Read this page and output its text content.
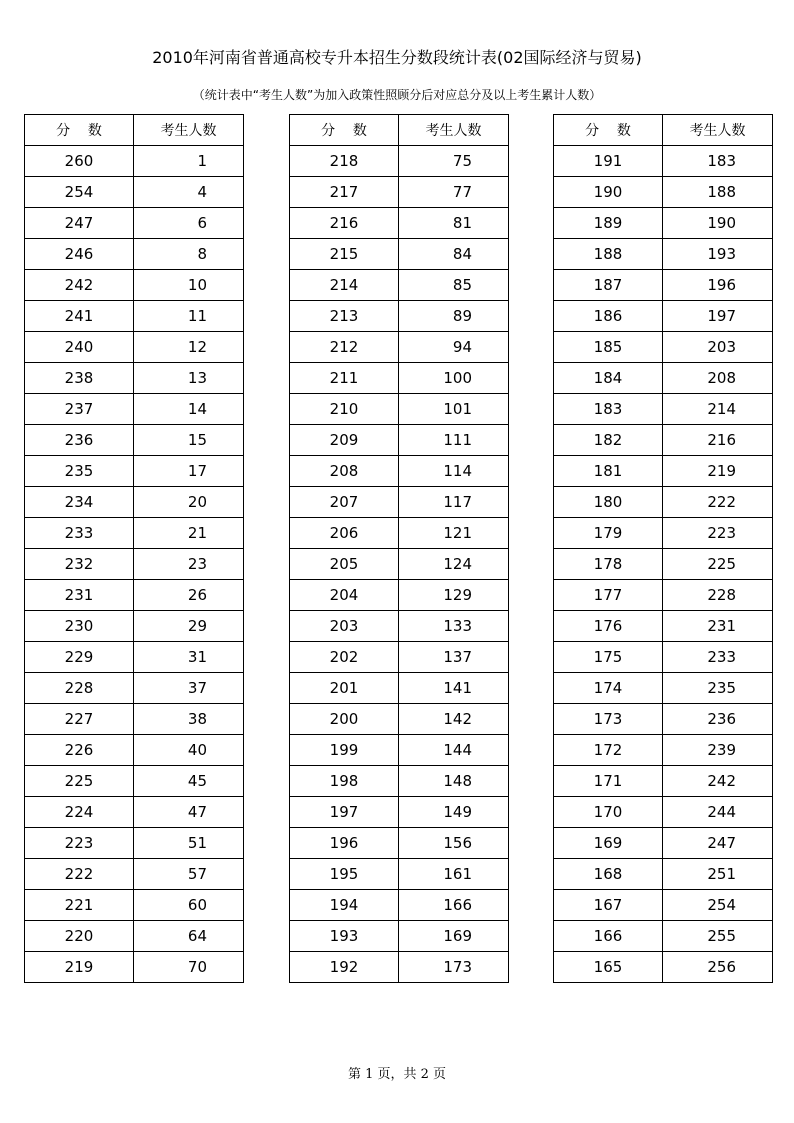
2010年河南省普通高校专升本招生分数段统计表(02国际经济与贸易)
（统计表中“考生人数”为加入政策性照顾分后对应总分及以上考生累计人数）
分    数	考生人数
260	1
254	4
247	6
246	8
242	10
241	11
240	12
238	13
237	14
236	15
235	17
234	20
233	21
232	23
231	26
230	29
229	31
228	37
227	38
226	40
225	45
224	47
223	51
222	57
221	60
220	64
219	70
分    数	考生人数
218	75
217	77
216	81
215	84
214	85
213	89
212	94
211	100
210	101
209	111
208	114
207	117
206	121
205	124
204	129
203	133
202	137
201	141
200	142
199	144
198	148
197	149
196	156
195	161
194	166
193	169
192	173
分    数	考生人数
191	183
190	188
189	190
188	193
187	196
186	197
185	203
184	208
183	214
182	216
181	219
180	222
179	223
178	225
177	228
176	231
175	233
174	235
173	236
172	239
171	242
170	244
169	247
168	251
167	254
166	255
165	256
第 1 页，共 2 页
